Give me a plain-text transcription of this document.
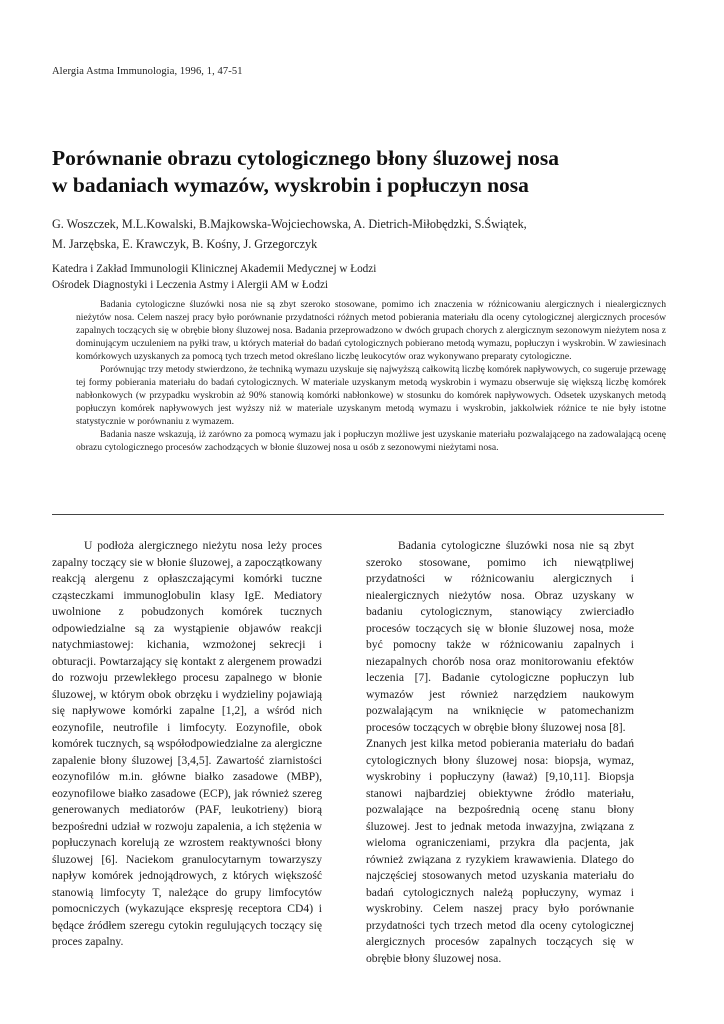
Alergia Astma Immunologia, 1996, 1, 47-51
Porównanie obrazu cytologicznego błony śluzowej nosa
w badaniach wymazów, wyskrobin i popłuczyn nosa
G. Woszczek, M.L.Kowalski, B.Majkowska-Wojciechowska, A. Dietrich-Miłobędzki, S.Świątek,
M. Jarzębska, E. Krawczyk, B. Kośny, J. Grzegorczyk
Katedra i Zakład Immunologii Klinicznej Akademii Medycznej w Łodzi
Ośrodek Diagnostyki i Leczenia Astmy i Alergii AM w Łodzi

Badania cytologiczne śluzówki nosa nie są zbyt szeroko stosowane, pomimo ich znaczenia w różnicowaniu alergicznych i niealergicznych nieżytów nosa. Celem naszej pracy było porównanie przydatności różnych metod pobierania materiału dla oceny cytologicznej alergicznych procesów zapalnych toczących się w obrębie błony śluzowej nosa. Badania przeprowadzono w dwóch grupach chorych z alergicznym sezonowym nieżytem nosa z dominującym uczuleniem na pyłki traw, u których materiał do badań cytologicznych pobierano metodą wymazu, popłuczyn i wyskrobin. W zawiesinach komórkowych uzyskanych za pomocą tych trzech metod określano liczbę leukocytów oraz wykonywano preparaty cytologiczne.

Porównując trzy metody stwierdzono, że techniką wymazu uzyskuje się najwyższą całkowitą liczbę komórek napływowych, co sugeruje przewagę tej formy pobierania materiału do badań cytologicznych. W materiale uzyskanym metodą wyskrobin i wymazu obserwuje się większą liczbę komórek nabłonkowych (w przypadku wyskrobin aż 90% stanowią komórki nabłonkowe) w stosunku do komórek napływowych. Odsetek uzyskanych metodą popłuczyn komórek napływowych jest wyższy niż w materiale uzyskanym metodą wymazu i wyskrobin, jakkolwiek różnice te nie były istotne statystycznie w porównaniu z wymazem.

Badania nasze wskazują, iż zarówno za pomocą wymazu jak i popłuczyn możliwe jest uzyskanie materiału pozwalającego na zadowalającą ocenę obrazu cytologicznego procesów zachodzących w błonie śluzowej nosa u osób z sezonowymi nieżytami nosa.

U podłoża alergicznego nieżytu nosa leży proces zapalny toczący sie w błonie śluzowej, a zapoczątkowany reakcją alergenu z opłaszczającymi komórki tuczne cząsteczkami immunoglobulin klasy IgE. Mediatory uwolnione z pobudzonych komórek tucznych odpowiedzialne są za wystąpienie objawów reakcji natychmiastowej: kichania, wzmożonej sekrecji i obturacji. Powtarzający się kontakt z alergenem prowadzi do rozwoju przewlekłego procesu zapalnego w błonie śluzowej, w którym obok obrzęku i wydzieliny pojawiają się napływowe komórki zapalne [1,2], a wśród nich eozynofile, neutrofile i limfocyty. Eozynofile, obok komórek tucznych, są współodpowiedzialne za alergiczne zapalenie błony śluzowej [3,4,5]. Zawartość ziarnistości eozynofilów m.in. główne białko zasadowe (MBP), eozynofilowe białko zasadowe (ECP), jak również szereg generowanych mediatorów (PAF, leukotrieny) biorą bezpośredni udział w rozwoju zapalenia, a ich stężenia w popłuczynach korelują ze wzrostem reaktywności błony śluzowej [6]. Naciekom granulocytarnym towarzyszy napływ komórek jednojądrowych, z których większość stanowią limfocyty T, należące do grupy limfocytów pomocniczych (wykazujące ekspresję receptora CD4) i będące źródłem szeregu cytokin regulujących toczący się proces zapalny.

Badania cytologiczne śluzówki nosa nie są zbyt szeroko stosowane, pomimo ich niewątpliwej przydatności w różnicowaniu alergicznych i niealergicznych nieżytów nosa. Obraz uzyskany w badaniu cytologicznym, stanowiący zwierciadło procesów toczących się w błonie śluzowej nosa, może być pomocny także w różnicowaniu zapalnych i niezapalnych chorób nosa oraz monitorowaniu efektów leczenia [7]. Badanie cytologiczne popłuczyn lub wymazów jest również narzędziem naukowym pozwalającym na wniknięcie w patomechanizm procesów toczących w obrębie błony śluzowej nosa [8].

Znanych jest kilka metod pobierania materiału do badań cytologicznych błony śluzowej nosa: biopsja, wymaz, wyskrobiny i popłuczyny (ławaż) [9,10,11]. Biopsja stanowi najbardziej obiektywne źródło materiału, pozwalające na bezpośrednią ocenę stanu błony śluzowej. Jest to jednak metoda inwazyjna, związana z wieloma ograniczeniami, przykra dla pacjenta, jak również związana z ryzykiem krawawienia. Dlatego do najczęściej stosowanych metod uzyskania materiału do badań cytologicznych należą popłuczyny, wymaz i wyskrobiny. Celem naszej pracy było porównanie przydatności tych trzech metod dla oceny cytologicznej alergicznych procesów zapalnych toczących się w obrębie błony śluzowej nosa.
